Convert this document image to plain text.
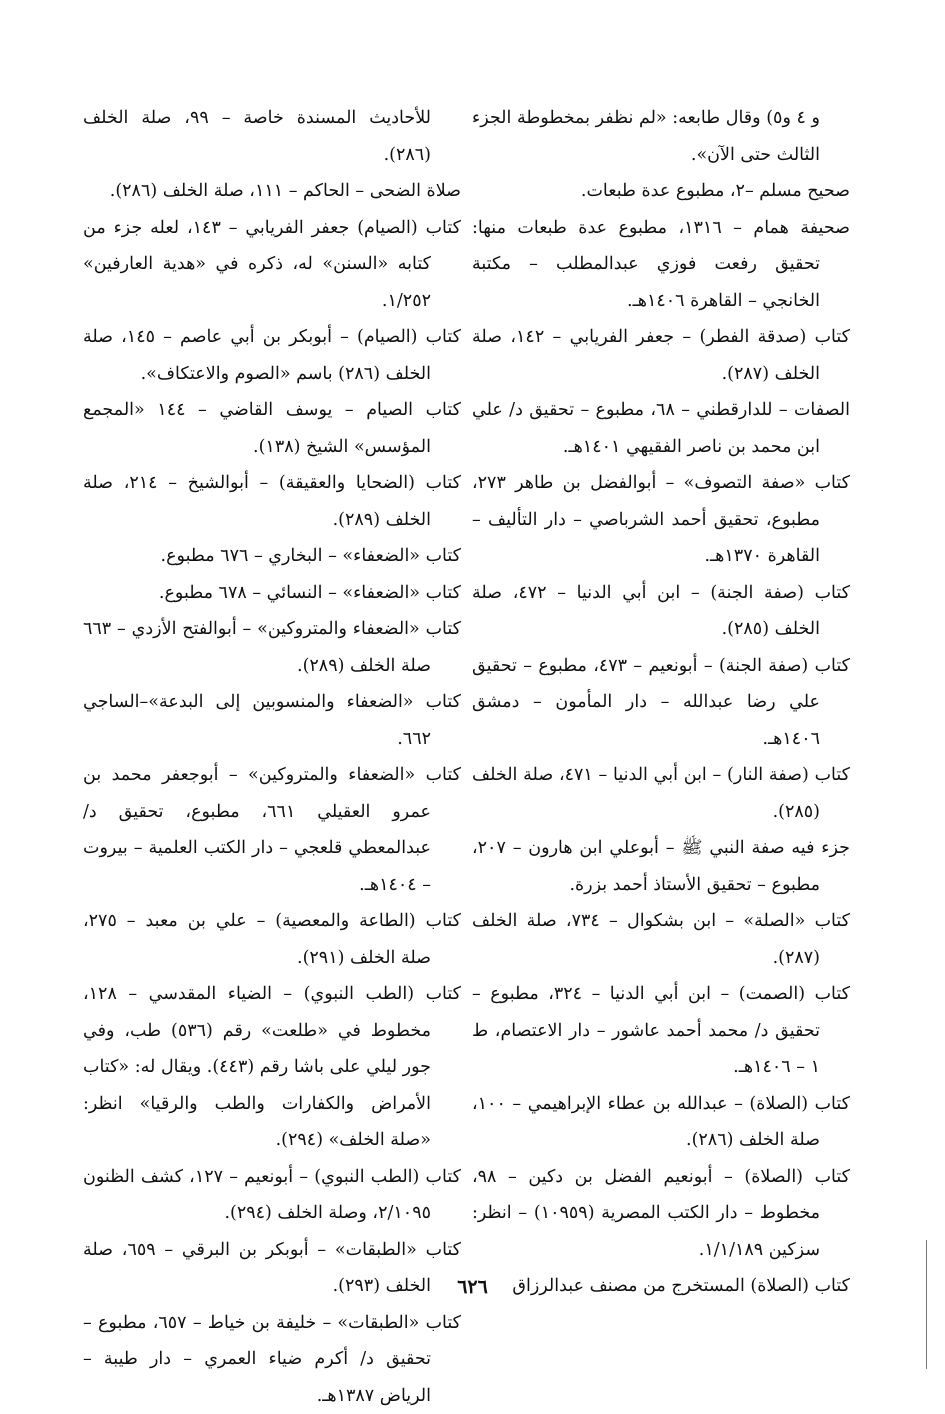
و ٤ و٥) وقال طابعه: «لم نظفر بمخطوطة الجزء الثالث حتى الآن».
صحيح مسلم –٢، مطبوع عدة طبعات.
صحيفة همام – ١٣١٦، مطبوع عدة طبعات منها: تحقيق رفعت فوزي عبدالمطلب – مكتبة الخانجي – القاهرة ١٤٠٦هـ.
كتاب (صدقة الفطر) – جعفر الفريابي – ١٤٢، صلة الخلف (٢٨٧).
الصفات – للدارقطني – ٦٨، مطبوع – تحقيق د/ علي ابن محمد بن ناصر الفقيهي ١٤٠١هـ.
كتاب «صفة التصوف» – أبوالفضل بن طاهر ٢٧٣، مطبوع، تحقيق أحمد الشرباصي – دار التأليف – القاهرة ١٣٧٠هـ.
كتاب (صفة الجنة) – ابن أبي الدنيا – ٤٧٢، صلة الخلف (٢٨٥).
كتاب (صفة الجنة) – أبونعيم – ٤٧٣، مطبوع – تحقيق علي رضا عبدالله – دار المأمون – دمشق ١٤٠٦هـ.
كتاب (صفة النار) – ابن أبي الدنيا – ٤٧١، صلة الخلف (٢٨٥).
جزء فيه صفة النبي ﷺ – أبوعلي ابن هارون – ٢٠٧، مطبوع – تحقيق الأستاذ أحمد بزرة.
كتاب «الصلة» – ابن بشكوال – ٧٣٤، صلة الخلف (٢٨٧).
كتاب (الصمت) – ابن أبي الدنيا – ٣٢٤، مطبوع – تحقيق د/ محمد أحمد عاشور – دار الاعتصام، ط ١ – ١٤٠٦هـ.
كتاب (الصلاة) – عبدالله بن عطاء الإبراهيمي – ١٠٠، صلة الخلف (٢٨٦).
كتاب (الصلاة) – أبونعيم الفضل بن دكين – ٩٨، مخطوط – دار الكتب المصرية (١٠٩٥٩) – انظر: سزكين ١/١/١٨٩.
كتاب (الصلاة) المستخرج من مصنف عبدالرزاق
للأحاديث المسندة خاصة – ٩٩، صلة الخلف (٢٨٦).
صلاة الضحى – الحاكم – ١١١، صلة الخلف (٢٨٦).
كتاب (الصيام) جعفر الفريابي – ١٤٣، لعله جزء من كتابه «السنن» له، ذكره في «هدية العارفين» ١/٢٥٢.
كتاب (الصيام) – أبوبكر بن أبي عاصم – ١٤٥، صلة الخلف (٢٨٦) باسم «الصوم والاعتكاف».
كتاب الصيام – يوسف القاضي – ١٤٤ «المجمع المؤسس» الشيخ (١٣٨).
كتاب (الضحايا والعقيقة) – أبوالشيخ – ٢١٤، صلة الخلف (٢٨٩).
كتاب «الضعفاء» – البخاري – ٦٧٦ مطبوع.
كتاب «الضعفاء» – النسائي – ٦٧٨ مطبوع.
كتاب «الضعفاء والمتروكين» – أبوالفتح الأزدي – ٦٦٣ صلة الخلف (٢٨٩).
كتاب «الضعفاء والمنسوبين إلى البدعة»–الساجي ٦٦٢.
كتاب «الضعفاء والمتروكين» – أبوجعفر محمد بن عمرو العقيلي ٦٦١، مطبوع، تحقيق د/ عبدالمعطي قلعجي – دار الكتب العلمية – بيروت – ١٤٠٤هـ.
كتاب (الطاعة والمعصية) – علي بن معبد – ٢٧٥، صلة الخلف (٢٩١).
كتاب (الطب النبوي) – الضياء المقدسي – ١٢٨، مخطوط في «طلعت» رقم (٥٣٦) طب، وفي جور ليلي على باشا رقم (٤٤٣). ويقال له: «كتاب الأمراض والكفارات والطب والرقيا» انظر: «صلة الخلف» (٢٩٤).
كتاب (الطب النبوي) – أبونعيم – ١٢٧، كشف الظنون ٢/١٠٩٥، وصلة الخلف (٢٩٤).
كتاب «الطبقات» – أبوبكر بن البرقي – ٦٥٩، صلة الخلف (٢٩٣).
كتاب «الطبقات» – خليفة بن خياط – ٦٥٧، مطبوع – تحقيق د/ أكرم ضياء العمري – دار طيبة – الرياض ١٣٨٧هـ.
٦٢٦
